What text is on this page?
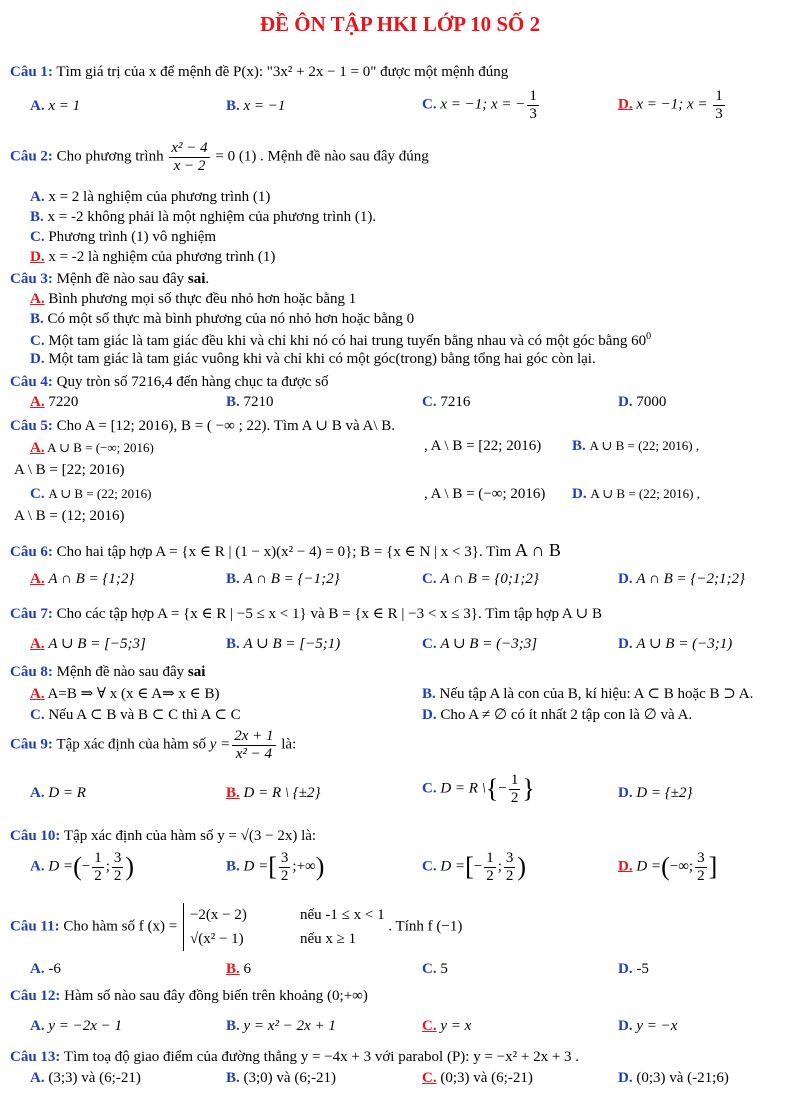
ĐỀ ÔN TẬP HKI LỚP 10 SỐ 2
Câu 1: Tìm giá trị của x để mệnh đề P(x): "3x² + 2x − 1 = 0" được một mệnh đúng
A. x = 1	B. x = −1	C. x = −1; x = − $\frac{1}{3}$	D. x = −1; $x = \frac{1}{3}$
Câu 2: Cho phương trình $\frac{\text{x² − 4}}{x - 2} = 0$ (1) . Mệnh đề nào sau đây đúng
A. x = 2 là nghiệm của phương trình (1)
B. x = -2 không phải là một nghiệm của phương trình (1).
C. Phương trình (1) vô nghiệm
D. x = -2 là nghiệm của phương trình (1)
Câu 3: Mệnh đề nào sau đây sai.
A. Bình phương mọi số thực đều nhỏ hơn hoặc bằng 1
B. Có một số thực mà bình phương của nó nhỏ hơn hoặc bằng 0
C. Một tam giác là tam giác đều khi và chỉ khi nó có hai trung tuyến bằng nhau và có một góc bằng $60^0$
D. Một tam giác là tam giác vuông khi và chỉ khi có một góc(trong) bằng tổng hai góc còn lại.
Câu 4: Quy tròn số 7216,4 đến hàng chục ta được số
A. 7220	B. 7210	C. 7216	D. 7000
Câu 5: Cho A = [12; 2016), B = ( −∞ ; 22). Tìm A ∪ B và A\ B.
A. A ∪ B = (−∞; 2016)	, A \ B = [22; 2016) B. A ∪ B = (22; 2016) ,
A \ B = [22; 2016)
C. A ∪ B = (22; 2016)	, A \ B = (−∞; 2016) D. A ∪ B = (22; 2016) ,
A \ B = (12; 2016)
Câu 6: Cho hai tập hợp A = {x ∈ R | (1 − x)(x² − 4) = 0}; B = {x ∈ N | x < 3}. Tìm A ∩ B
A. A ∩ B = {1;2}	B. A ∩ B = {−1;2}	C. A ∩ B = {0;1;2}	D. A ∩ B = {−2;1;2}
Câu 7: Cho các tập hợp A = {x ∈ R | −5 ≤ x < 1} và B = {x ∈ R | −3 < x ≤ 3}. Tìm tập hợp A ∪ B
A. A ∪ B = [−5;3]	B. A ∪ B = [−5;1)	C. A ∪ B = (−3;3]	D. A ∪ B = (−3;1)
Câu 8: Mệnh đề nào sau đây sai
A. A=B ⇒ ∀ x (x ∈ A⇒ x ∈ B)	B. Nếu tập A là con của B, kí hiệu: A ⊂ B hoặc B ⊃ A.
C. Nếu A ⊂ B và B ⊂ C thì A ⊂ C	D. Cho A ≠ ∅ có ít nhất 2 tập con là ∅ và A.
Câu 9: Tập xác định của hàm số $y = \frac{2x + 1}{\text{x² − 4}}$ là:
A. D = R	B. D = R \ {±2}	C. D = R \{− $\frac{1}{2}$ }	D. D = {±2}
Câu 10: Tập xác định của hàm số y = √(3 − 2x) là:
A. D =(− $\frac{1}{2}$ ; $\frac{3}{2}$ )	B. D =[ $\frac{3}{2}$ ;+∞)	C. D =[− $\frac{1}{2}$ ; $\frac{3}{2}$ )	D. D =(−∞; $\frac{3}{2}$ ]
Câu 11: Cho hàm số f (x) = −2(x − 2)	nếu -1 ≤ x < 1
√(x² − 1)	nếu x ≥ 1 . Tính f (−1)
A. -6	B. 6	C. 5	D. -5
Câu 12: Hàm số nào sau đây đồng biến trên khoảng (0;+∞)
A. y = −2x − 1	B. y = x² − 2x + 1	C. y = x	D. y = −x
Câu 13: Tìm toạ độ giao điểm của đường thẳng y = −4x + 3 với parabol (P): y = −x² + 2x + 3 .
A. (3;3) và (6;-21)	B. (3;0) và (6;-21)	C. (0;3) và (6;-21)	D. (0;3) và (-21;6)
